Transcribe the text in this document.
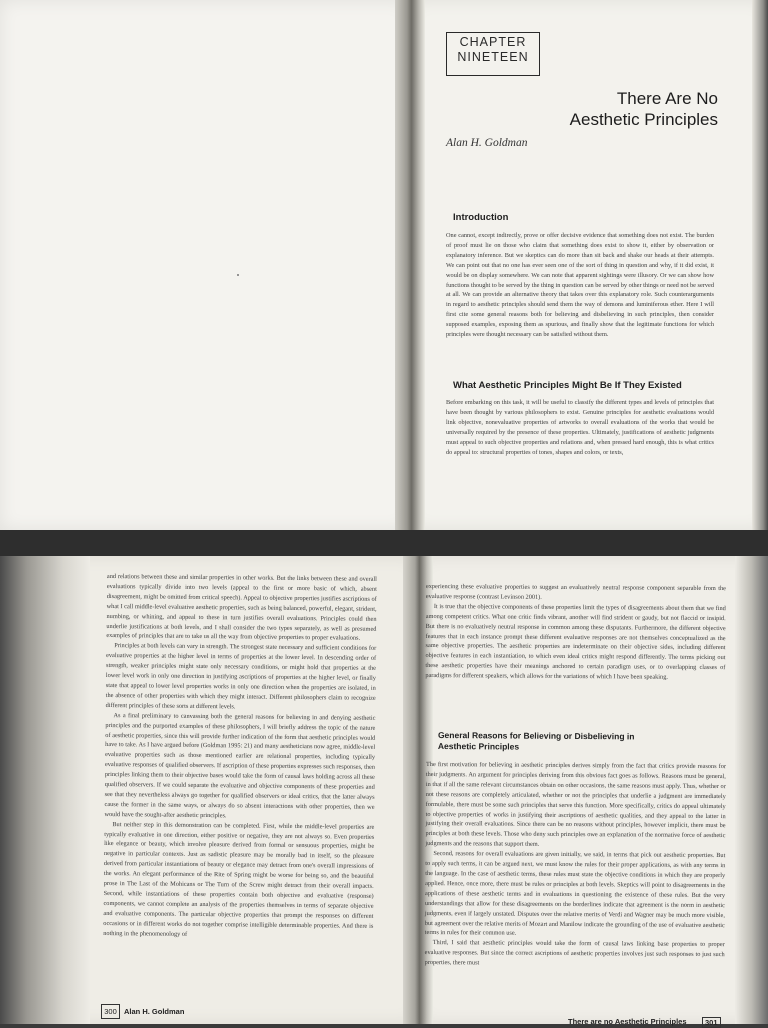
CHAPTER
NINETEEN
There Are No
Aesthetic Principles
Alan H. Goldman
Introduction

One cannot, except indirectly, prove or offer decisive evidence that something does not exist. The burden of proof must lie on those who claim that something does exist to show it, either by observation or explanatory inference. But we skeptics can do more than sit back and shake our heads at their attempts. We can point out that no one has ever seen one of the sort of thing in question and why, if it did exist, it would be on display somewhere. We can note that apparent sightings were illusory. Or we can show how functions thought to be served by the thing in question can be served by other things or need not be served at all. We can provide an alternative theory that takes over this explanatory role. Such counterarguments in regard to aesthetic principles should send them the way of demons and luminiferous ether. Here I will first cite some general reasons both for believing and disbelieving in such principles, then consider supposed examples, exposing them as spurious, and finally show that the legitimate functions for which principles were thought necessary can be satisfied without them.

What Aesthetic Principles Might Be If They Existed

Before embarking on this task, it will be useful to classify the different types and levels of principles that have been thought by various philosophers to exist. Genuine principles for aesthetic evaluations would link objective, nonevaluative properties of artworks to overall evaluations of the works that would be universally required by the presence of these properties. Ultimately, justifications of aesthetic judgments must appeal to such objective properties and relations and, when pressed hard enough, this is what critics do appeal to: structural properties of tones, shapes and colors, or texts,

and relations between these and similar properties in other works. But the links between these and overall evaluations typically divide into two levels (appeal to the first or more basic of which, absent disagreement, might be omitted from critical speech). Appeal to objective properties justifies ascriptions of what I call middle-level evaluative aesthetic properties, such as being balanced, powerful, elegant, strident, numbing, or whining, and appeal to these in turn justifies overall evaluations. Principles could then underlie justifications at both levels, and I shall consider the two types separately, as well as presumed examples of principles that are to take us all the way from objective properties to proper evaluations.

Principles at both levels can vary in strength. The strongest state necessary and sufficient conditions for evaluative properties at the higher level in terms of properties at the lower level. In descending order of strength, weaker principles might state only necessary conditions, or might hold that properties at the lower level work in only one direction in justifying ascriptions of properties at the higher level, or finally state that appeal to lower level properties works in only one direction when the properties are isolated, in the absence of other properties with which they might interact. Different philosophers claim to recognize different principles of these sorts at different levels.

As a final preliminary to canvassing both the general reasons for believing in and denying aesthetic principles and the purported examples of these philosophers, I will briefly address the topic of the nature of aesthetic properties, since this will provide further indication of the form that aesthetic principles would have to take. As I have argued before (Goldman 1995: 21) and many aestheticians now agree, middle-level evaluative properties such as those mentioned earlier are relational properties, including typically evaluative responses of qualified observers. If ascription of these properties expresses such responses, then principles linking them to their objective bases would take the form of causal laws holding across all these qualified observers. If we could separate the evaluative and objective components of these properties and see that they nevertheless always go together for qualified observers or ideal critics, that the latter always cause the former in the same ways, or always do so absent interactions with other properties, then we would have the sought-after aesthetic principles.

But neither step in this demonstration can be completed. First, while the middle-level properties are typically evaluative in one direction, either positive or negative, they are not always so. Even properties like elegance or beauty, which involve pleasure derived from formal or sensuous properties, might be negative in particular contexts. Just as sadistic pleasure may be morally bad in itself, so the pleasure derived from particular instantiations of beauty or elegance may detract from one's overall impressions of the works. An elegant performance of the Rite of Spring might be worse for being so, and the beautiful prose in The Last of the Mohicans or The Turn of the Screw might detract from their overall impacts. Second, while instantiations of these properties contain both objective and evaluative (response) components, we cannot complete an analysis of the properties themselves in terms of separate objective and evaluative components. The particular objective properties that prompt the responses on different occasions or in different works do not together comprise intelligible determinable properties. And there is nothing in the phenomenology of

300 Alan H. Goldman

experiencing these evaluative properties to suggest an evaluatively neutral response component separable from the evaluative response (contrast Levinson 2001).

It is true that the objective components of these properties limit the types of disagreements about them that we find among competent critics. What one critic finds vibrant, another will find strident or gaudy, but not flaccid or insipid. But there is no evaluatively neutral response in common among these disputants. Furthermore, the different objective features that in each instance prompt these different evaluative responses are not themselves conceptualized as the same objective properties. The aesthetic properties are indeterminate on their objective sides, including different objective features in each instantiation, to which even ideal critics might respond differently. The terms picking out these aesthetic properties have their meanings anchored to certain paradigm uses, or to overlapping classes of paradigms for different speakers, which allows for the variations of which I have been speaking.

General Reasons for Believing or Disbelieving in
Aesthetic Principles

The first motivation for believing in aesthetic principles derives simply from the fact that critics provide reasons for their judgments. An argument for principles deriving from this obvious fact goes as follows. Reasons must be general, in that if all the same relevant circumstances obtain on other occasions, the same reasons must apply. Thus, whether or not these reasons are completely articulated, whether or not the principles that underlie a judgment are immediately formulable, there must be some such principles that serve this function. More specifically, critics do appeal ultimately to objective properties of works in justifying their ascriptions of aesthetic qualities, and they appeal to the latter in justifying their overall evaluations. Since there can be no reasons without principles, however implicit, there must be principles at both these levels. Those who deny such principles owe an explanation of the normative force of aesthetic judgments and the reasons that support them.

Second, reasons for overall evaluations are given initially, we said, in terms that pick out aesthetic properties. But to apply such terms, it can be argued next, we must know the rules for their proper applications, as with any terms in the language. In the case of aesthetic terms, these rules must state the objective conditions in which they are properly applied. Hence, once more, there must be rules or principles at both levels. Skeptics will point to disagreements in the applications of these aesthetic terms and in evaluations in questioning the existence of these rules. But the very understandings that allow for these disagreements on the borderlines indicate that agreement is the norm in aesthetic judgments, even if largely unstated. Disputes over the relative merits of Verdi and Wagner may be much more visible, but agreement over the relative merits of Mozart and Manilow indicate the grounding of the use of evaluative aesthetic terms in rules for their common use.

Third, I said that aesthetic principles would take the form of causal laws linking base properties to proper evaluative responses. But since the correct ascriptions of aesthetic properties involves just such responses to just such properties, there must

There are no Aesthetic Principles	301
